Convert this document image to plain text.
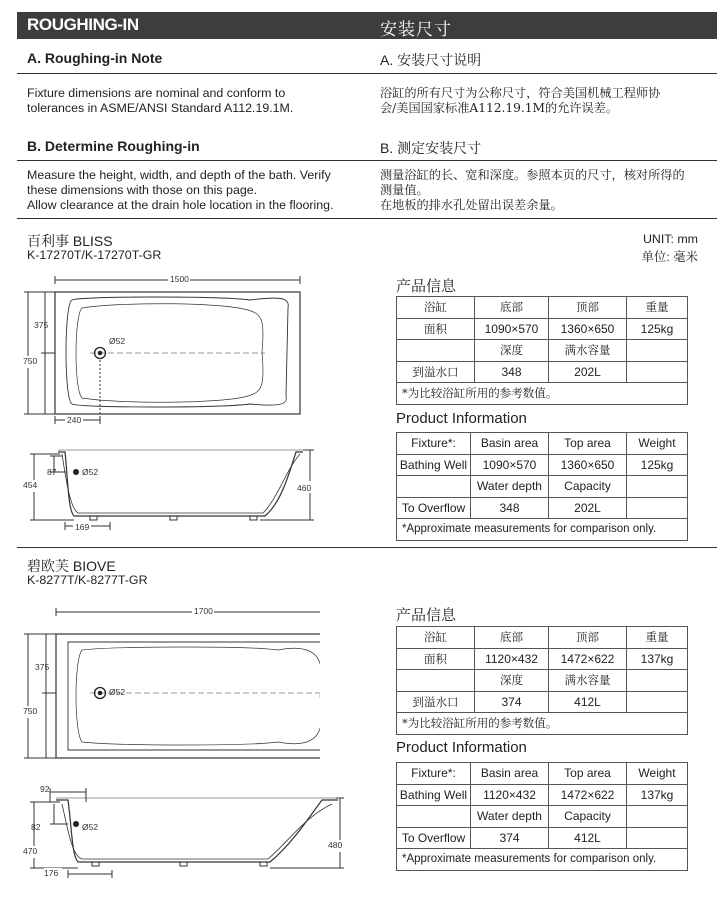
ROUGHING-IN	安装尺寸
A. Roughing-in Note	A. 安装尺寸说明
Fixture dimensions are nominal and conform to
tolerances in ASME/ANSI Standard A112.19.1M.
浴缸的所有尺寸为公称尺寸，符合美国机械工程师协
会/美国国家标准A112.19.1M的允许误差。
B. Determine Roughing-in	B. 测定安装尺寸
Measure the height, width, and depth of the bath. Verify
these dimensions with those on this page.
Allow clearance at the drain hole location in the flooring.
测量浴缸的长、宽和深度。参照本页的尺寸，核对所得的
测量值。
在地板的排水孔处留出误差余量。
百利事 BLISS
K-17270T/K-17270T-GR
UNIT: mm
单位: 毫米
1500
375
750
Ø52
240
87	Ø52
454	460
169
产品信息
浴缸	底部	顶部	重量
面积	1090×570	1360×650	125kg
	深度	满水容量	
到溢水口	348	202L	
*为比较浴缸所用的参考数值。			
Product Information
Fixture*:	Basin area	Top area	Weight
Bathing Well	1090×570	1360×650	125kg
	Water depth	Capacity	
To Overflow	348	202L	
*Approximate measurements for comparison only.			
碧欧芙 BIOVE
K-8277T/K-8277T-GR
1700
375
750
Ø52
92
82	Ø52
470
480
176
产品信息
浴缸	底部	顶部	重量
面积	1120×432	1472×622	137kg
	深度	满水容量	
到溢水口	374	412L	
*为比较浴缸所用的参考数值。			
Product Information
Fixture*:	Basin area	Top area	Weight
Bathing Well	1120×432	1472×622	137kg
	Water depth	Capacity	
To Overflow	374	412L	
*Approximate measurements for comparison only.			
